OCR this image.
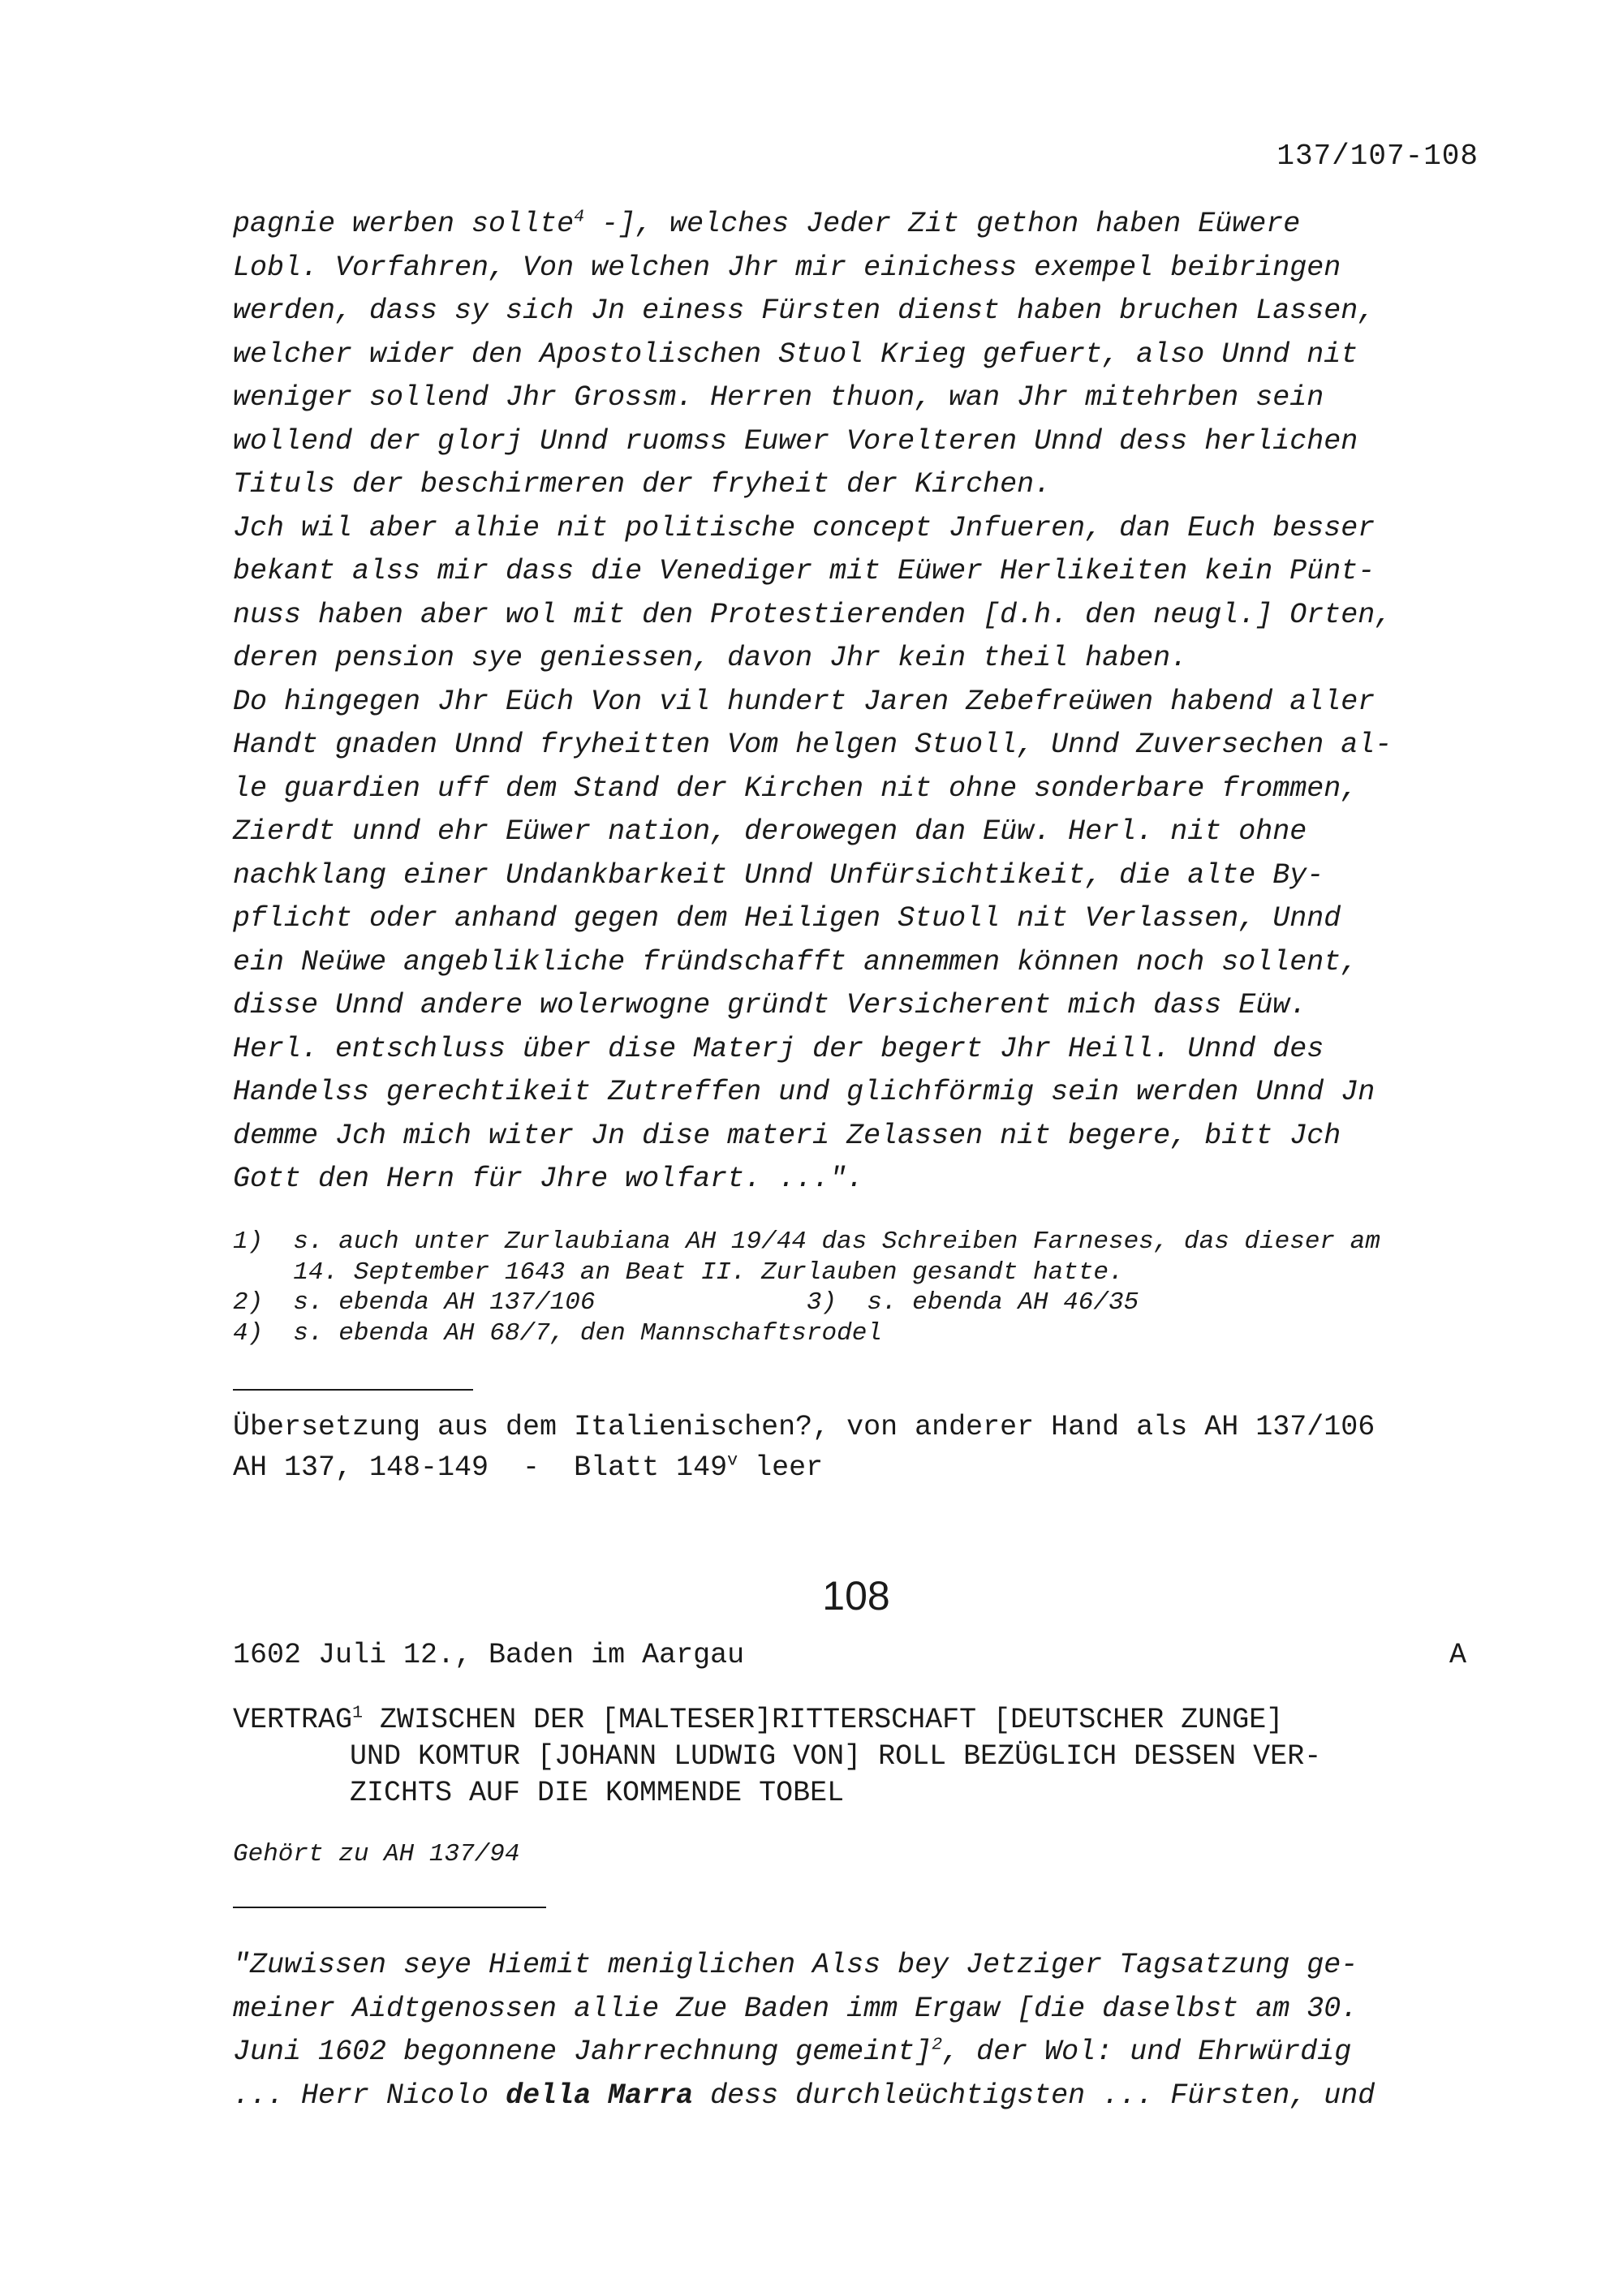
137/107-108
pagnie werben sollte$^4$ -], welches Jeder Zit gethon haben Eüwere
Lobl. Vorfahren, Von welchen Jhr mir einichess exempel beibringen
werden, dass sy sich Jn einess Fürsten dienst haben bruchen Lassen,
welcher wider den Apostolischen Stuol Krieg gefuert, also Unnd nit
weniger sollend Jhr Grossm. Herren thuon, wan Jhr mitehrben sein
wollend der glorj Unnd ruomss Euwer Vorelteren Unnd dess herlichen
Tituls der beschirmeren der fryheit der Kirchen.
Jch wil aber alhie nit politische concept Jnfueren, dan Euch besser
bekant alss mir dass die Venediger mit Eüwer Herlikeiten kein Pünt-
nuss haben aber wol mit den Protestierenden [d.h. den neugl.] Orten,
deren pension sye geniessen, davon Jhr kein theil haben.
Do hingegen Jhr Eüch Von vil hundert Jaren Zebefreüwen habend aller
Handt gnaden Unnd fryheitten Vom helgen Stuoll, Unnd Zuversechen al-
le guardien uff dem Stand der Kirchen nit ohne sonderbare frommen,
Zierdt unnd ehr Eüwer nation, derowegen dan Eüw. Herl. nit ohne
nachklang einer Undankbarkeit Unnd Unfürsichtikeit, die alte By-
pflicht oder anhand gegen dem Heiligen Stuoll nit Verlassen, Unnd
ein Neüwe angeblikliche fründschafft annemmen können noch sollent,
disse Unnd andere wolerwogne gründt Versicherent mich dass Eüw.
Herl. entschluss über dise Materj der begert Jhr Heill. Unnd des
Handelss gerechtikeit Zutreffen und glichförmig sein werden Unnd Jn
demme Jch mich witer Jn dise materi Zelassen nit begere, bitt Jch
Gott den Hern für Jhre wolfart. ...".
1)  s. auch unter Zurlaubiana AH 19/44 das Schreiben Farneses, das dieser am
14. September 1643 an Beat II. Zurlauben gesandt hatte.
2)  s. ebenda AH 137/106              3)  s. ebenda AH 46/35
4)  s. ebenda AH 68/7, den Mannschaftsrodel
Übersetzung aus dem Italienischen?, von anderer Hand als AH 137/106
AH 137, 148-149  -  Blatt 149$^v$ leer
108
1602 Juli 12., Baden im Aargau	A
VERTRAG$^1$ ZWISCHEN DER [MALTESER]RITTERSCHAFT [DEUTSCHER ZUNGE]
UND KOMTUR [JOHANN LUDWIG VON] ROLL BEZÜGLICH DESSEN VER-
ZICHTS AUF DIE KOMMENDE TOBEL
Gehört zu AH 137/94
"Zuwissen seye Hiemit meniglichen Alss bey Jetziger Tagsatzung ge-
meiner Aidtgenossen allie Zue Baden imm Ergaw [die daselbst am 30.
Juni 1602 begonnene Jahrrechnung gemeint]$^2$, der Wol: und Ehrwürdig
... Herr Nicolo della Marra dess durchleüchtigsten ... Fürsten, und
